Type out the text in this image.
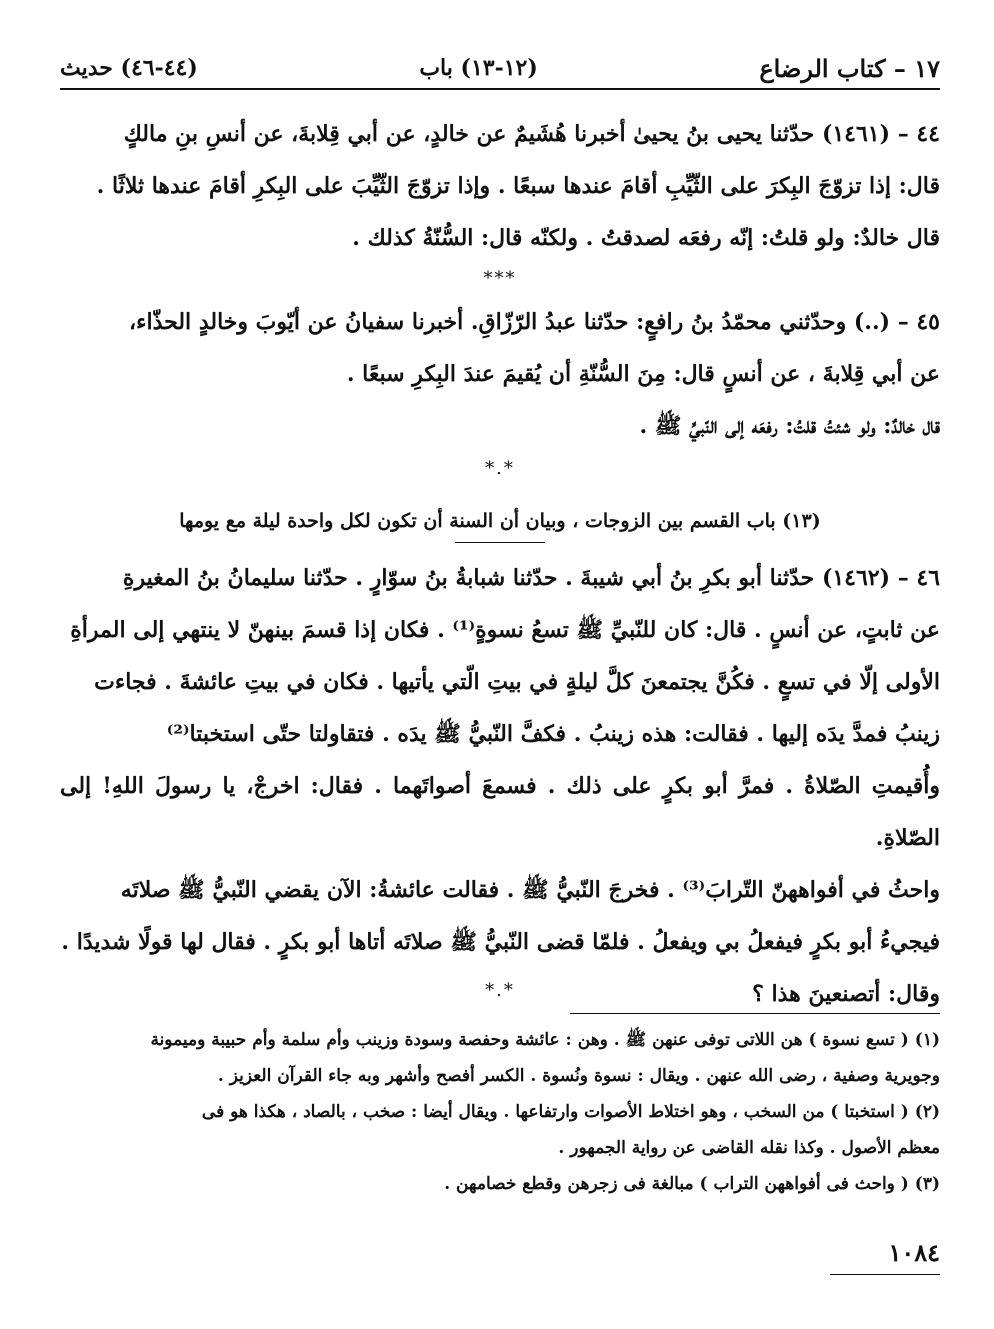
١٧ – كتاب الرضاع
(١٢-١٣) باب
(٤٤-٤٦) حديث

٤٤ – (١٤٦١) حدّثنا يحيى بنُ يحيىٰ أخبرنا هُشَيمٌ عن خالدٍ، عن أبي قِلابةَ، عن أنسِ بنِ مالكٍ

قال: إذا تزوّجَ البِكرَ على الثّيِّبِ أقامَ عندها سبعًا . وإذا تزوّجَ الثّيِّبَ على البِكرِ أقامَ عندها ثلاثًا .

قال خالدٌ: ولو قلتُ: إنّه رفعَه لصدقتُ . ولكنّه قال: السُّنّةُ كذلك .

***

٤٥ – (..) وحدّثني محمّدُ بنُ رافعٍ: حدّثنا عبدُ الرّزّاقِ. أخبرنا سفيانُ عن أيّوبَ وخالدٍ الحذّاء،

عن أبي قِلابةَ ، عن أنسٍ قال: مِنَ السُّنّةِ أن يُقيمَ عندَ البِكرِ سبعًا .

قال خالدٌ: ولو شئتُ قلتُ: رفعَه إلى النّبيِّ ﷺ .

*.*
(١٣) باب القسم بين الزوجات ، وبيان أن السنة أن تكون لكل واحدة ليلة مع يومها

٤٦ – (١٤٦٢) حدّثنا أبو بكرِ بنُ أبي شيبةَ . حدّثنا شبابةُ بنُ سوّارٍ . حدّثنا سليمانُ بنُ المغيرةِ

عن ثابتٍ، عن أنسٍ . قال: كان للنّبيِّ ﷺ تسعُ نسوةٍ⁽¹⁾ . فكان إذا قسمَ بينهنّ لا ينتهي إلى المرأةِ

الأولى إلّا في تسعٍ . فكُنَّ يجتمعنَ كلَّ ليلةٍ في بيتِ الّتي يأتيها . فكان في بيتِ عائشةَ . فجاءت

زينبُ فمدَّ يدَه إليها . فقالت: هذه زينبُ . فكفَّ النّبيُّ ﷺ يدَه . فتقاولتا حتّى استخبتا⁽²⁾

وأُقيمتِ الصّلاةُ . فمرَّ أبو بكرٍ على ذلك . فسمعَ أصواتَهما . فقال: اخرجْ، يا رسولَ اللهِ! إلى الصّلاةِ.

واحثُ في أفواههنّ التّرابَ⁽³⁾ . فخرجَ النّبيُّ ﷺ . فقالت عائشةُ: الآن يقضي النّبيُّ ﷺ صلاتَه

فيجيءُ أبو بكرٍ فيفعلُ بي ويفعلُ . فلمّا قضى النّبيُّ ﷺ صلاتَه أتاها أبو بكرٍ . فقال لها قولًا شديدًا .

وقال: أتصنعينَ هذا ؟

*.*

(١) ( تسع نسوة ) هن اللاتى توفى عنهن ﷺ . وهن : عائشة وحفصة وسودة وزينب وأم سلمة وأم حبيبة وميمونة

وجويرية وصفية ، رضى الله عنهن . ويقال : نسوة ونُسوة . الكسر أفصح وأشهر وبه جاء القرآن العزيز .

(٢) ( استخبتا ) من السخب ، وهو اختلاط الأصوات وارتفاعها . ويقال أيضا : صخب ، بالصاد ، هكذا هو فى

معظم الأصول . وكذا نقله القاضى عن رواية الجمهور .

(٣) ( واحث فى أفواههن التراب ) مبالغة فى زجرهن وقطع خصامهن .

١٠٨٤
